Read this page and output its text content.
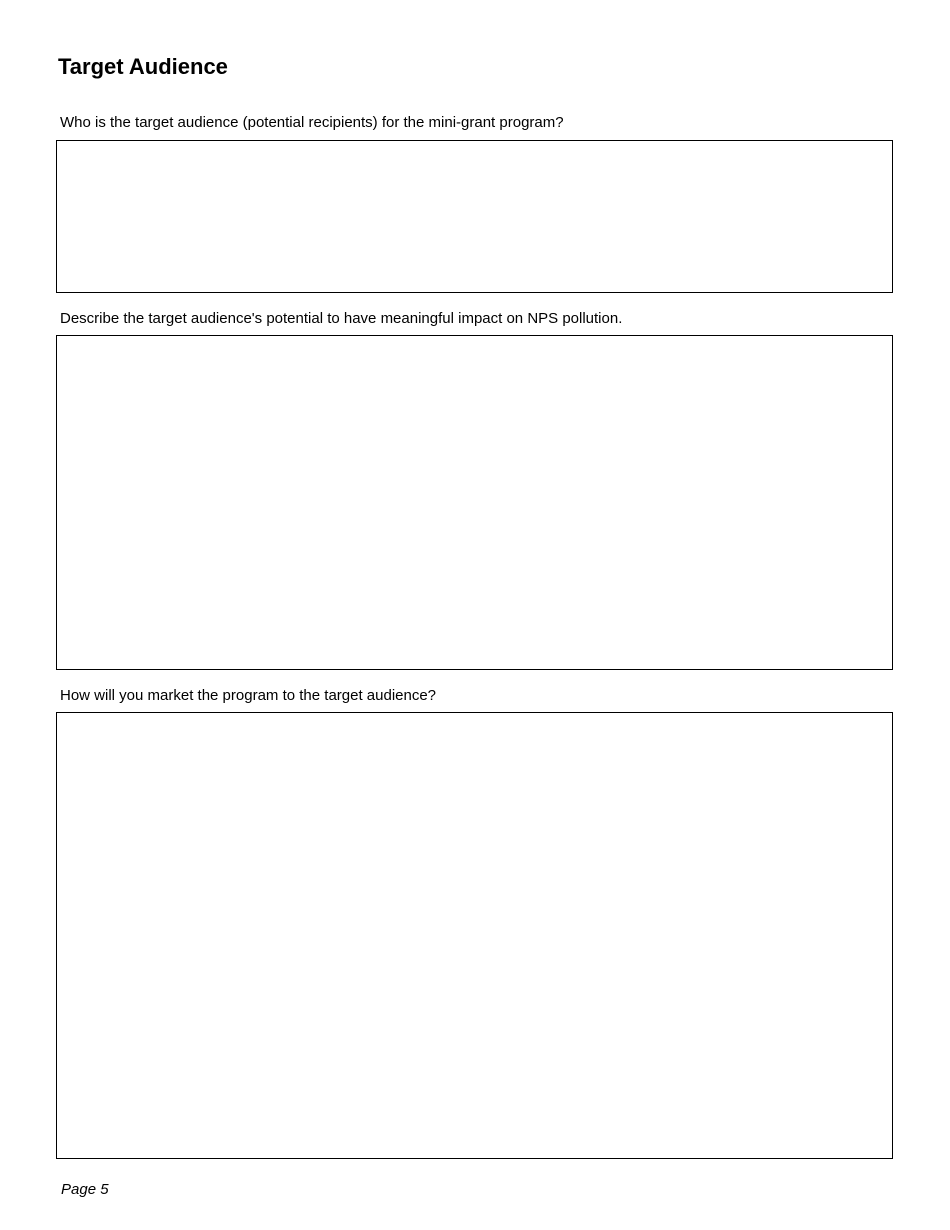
Target Audience

Who is the target audience (potential recipients) for the mini-grant program?

Describe the target audience's potential to have meaningful impact on NPS pollution.

How will you market the program to the target audience?

Page 5
